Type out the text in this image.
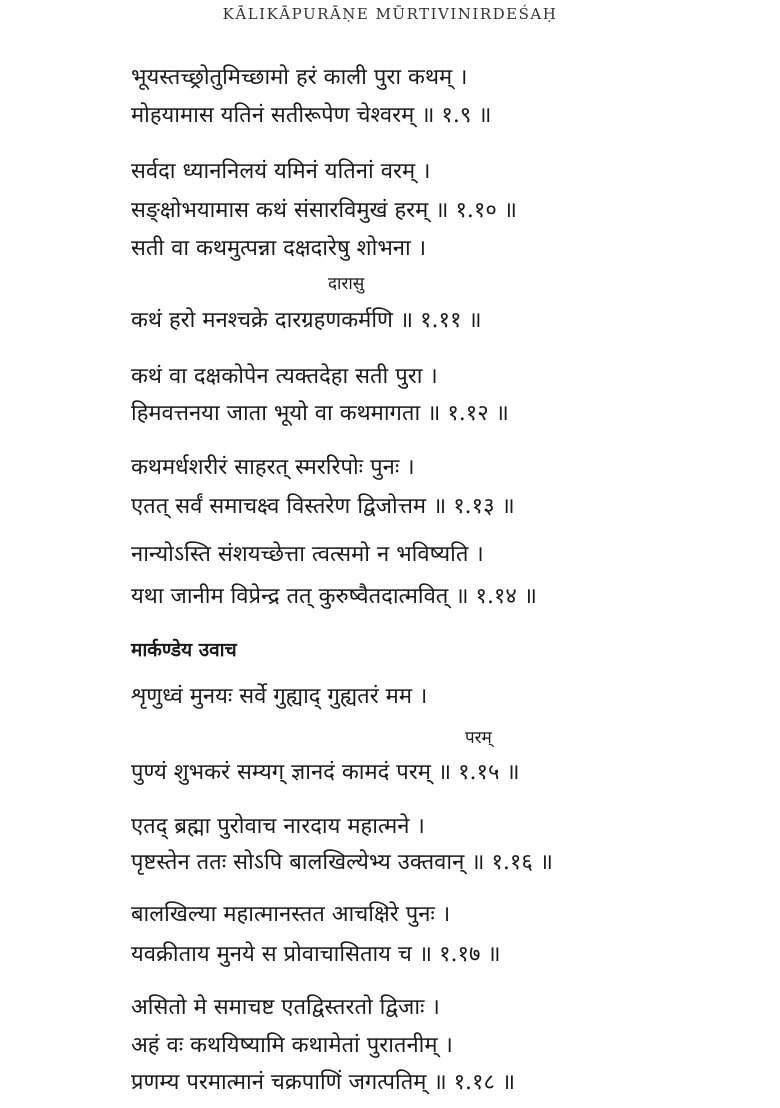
KĀLIKĀPURĀṆE MŪRTIVINIRDEŚAḤ
भूयस्तच्छ्रोतुमिच्छामो हरं काली पुरा कथम् ।
मोहयामास यतिनं सतीरूपेण चेश्वरम् ॥ १.९ ॥
सर्वदा ध्याननिलयं यमिनं यतिनां वरम् ।
सङ्क्षोभयामास कथं संसारविमुखं हरम् ॥ १.१० ॥
सती वा कथमुत्पन्ना दक्षदारेषु शोभना ।
दारासु
कथं हरो मनश्चक्रे दारग्रहणकर्मणि ॥ १.११ ॥
कथं वा दक्षकोपेन त्यक्तदेहा सती पुरा ।
हिमवत्तनया जाता भूयो वा कथमागता ॥ १.१२ ॥
कथमर्धशरीरं साहरत् स्मररिपोः पुनः ।
एतत् सर्वं समाचक्ष्व विस्तरेण द्विजोत्तम ॥ १.१३ ॥
नान्योऽस्ति संशयच्छेत्ता त्वत्समो न भविष्यति ।
यथा जानीम विप्रेन्द्र तत् कुरुष्वैतदात्मवित् ॥ १.१४ ॥
मार्कण्डेय उवाच
शृणुध्वं मुनयः सर्वे गुह्याद् गुह्यतरं मम ।
परम्
पुण्यं शुभकरं सम्यग् ज्ञानदं कामदं परम् ॥ १.१५ ॥
एतद् ब्रह्मा पुरोवाच नारदाय महात्मने ।
पृष्टस्तेन ततः सोऽपि बालखिल्येभ्य उक्तवान् ॥ १.१६ ॥
बालखिल्या महात्मानस्तत आचक्षिरे पुनः ।
यवक्रीताय मुनये स प्रोवाचासिताय च ॥ १.१७ ॥
असितो मे समाचष्ट एतद्विस्तरतो द्विजाः ।
अहं वः कथयिष्यामि कथामेतां पुरातनीम् ।
प्रणम्य परमात्मानं चक्रपाणिं जगत्पतिम् ॥ १.१८ ॥
